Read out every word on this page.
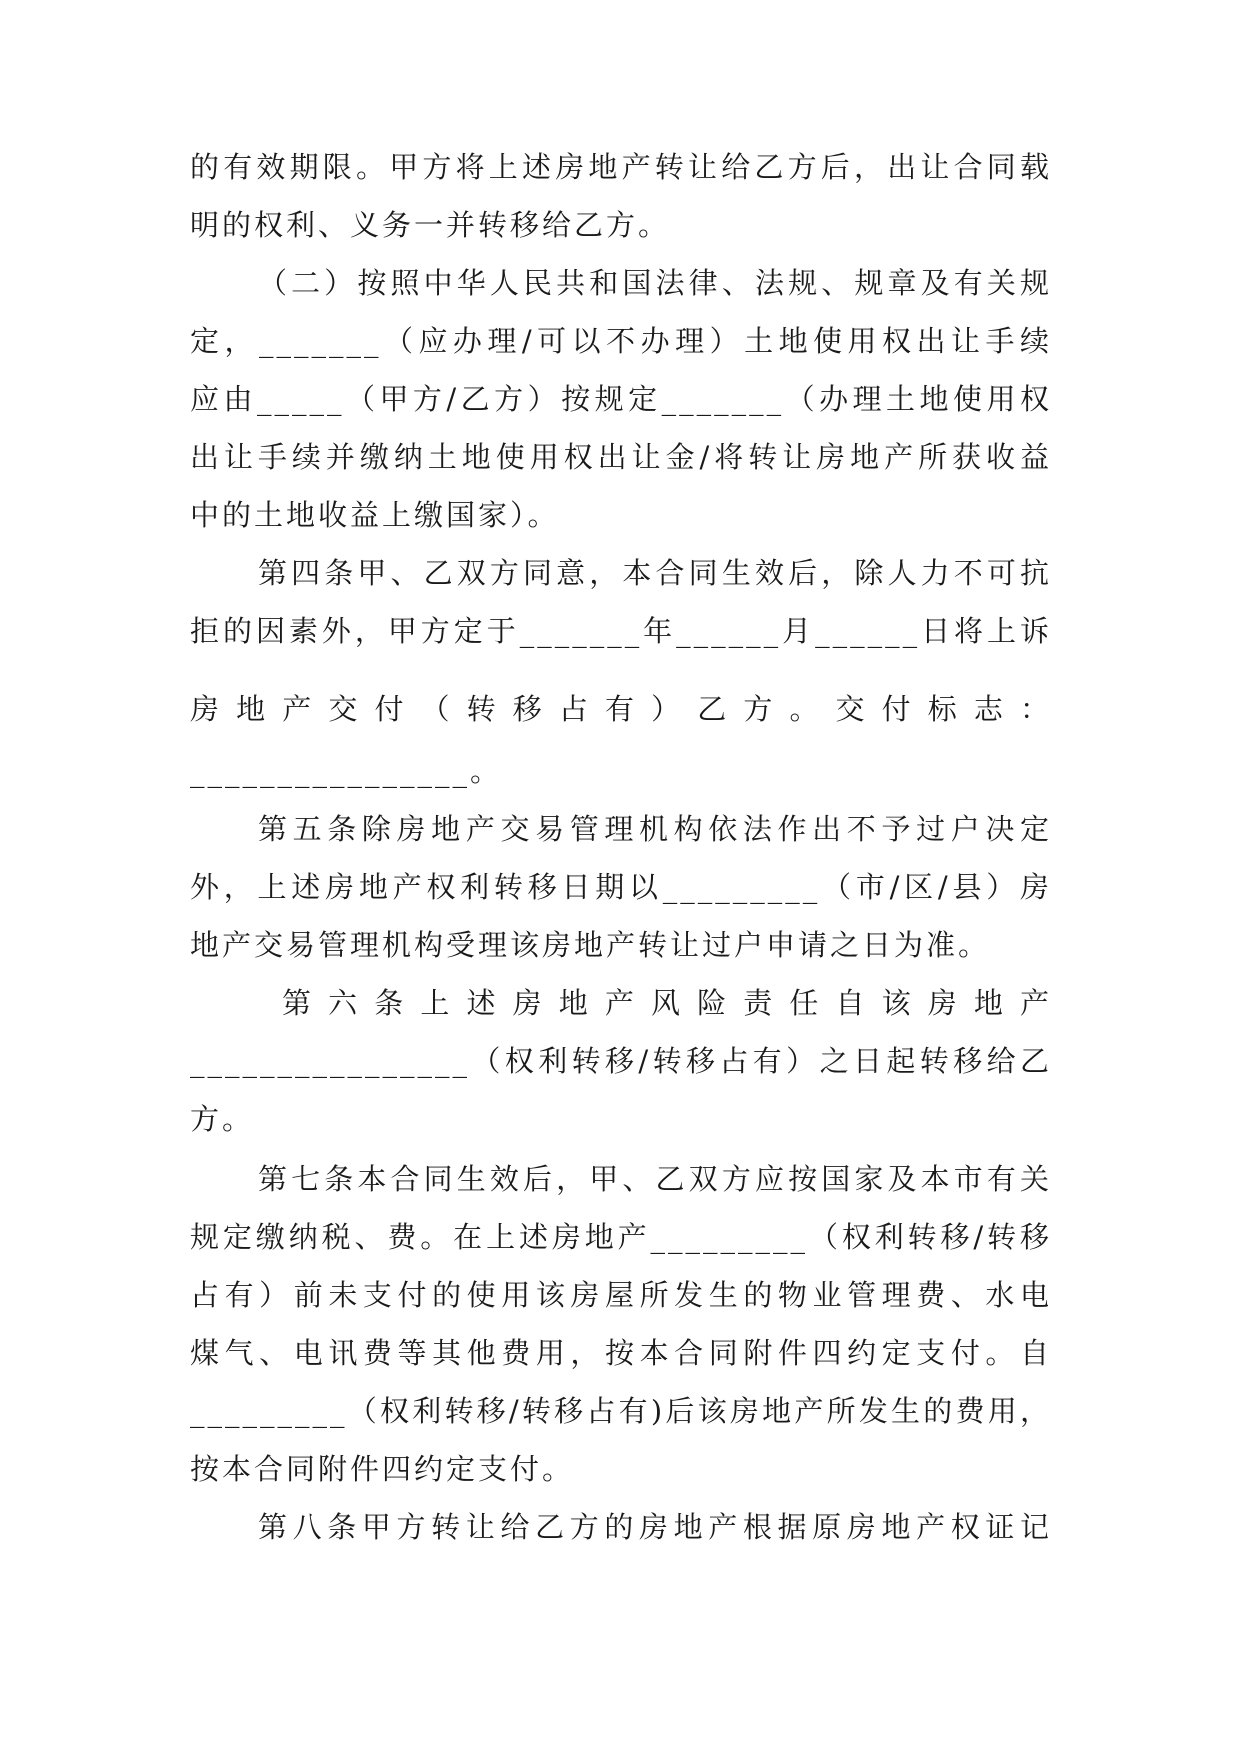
的有效期限。甲方将上述房地产转让给乙方后，出让合同载
明的权利、义务一并转移给乙方。
（二）按照中华人民共和国法律、法规、规章及有关规
定，_______（应办理/可以不办理）土地使用权出让手续
应由_____（甲方/乙方）按规定_______（办理土地使用权
出让手续并缴纳土地使用权出让金/将转让房地产所获收益
中的土地收益上缴国家）。
第四条甲、乙双方同意，本合同生效后，除人力不可抗
拒的因素外，甲方定于_______年______月______日将上诉
房 地 产 交 付 （ 转 移 占 有 ） 乙 方 。 交 付 标 志 ：
________________。
第五条除房地产交易管理机构依法作出不予过户决定
外，上述房地产权利转移日期以_________（市/区/县）房
地产交易管理机构受理该房地产转让过户申请之日为准。
第 六 条 上 述 房 地 产 风 险 责 任 自 该 房 地 产
________________（权利转移/转移占有）之日起转移给乙
方。
第七条本合同生效后，甲、乙双方应按国家及本市有关
规定缴纳税、费。在上述房地产_________（权利转移/转移
占有）前未支付的使用该房屋所发生的物业管理费、水电
煤气、电讯费等其他费用，按本合同附件四约定支付。自
_________（权利转移/转移占有)后该房地产所发生的费用，
按本合同附件四约定支付。
第八条甲方转让给乙方的房地产根据原房地产权证记
